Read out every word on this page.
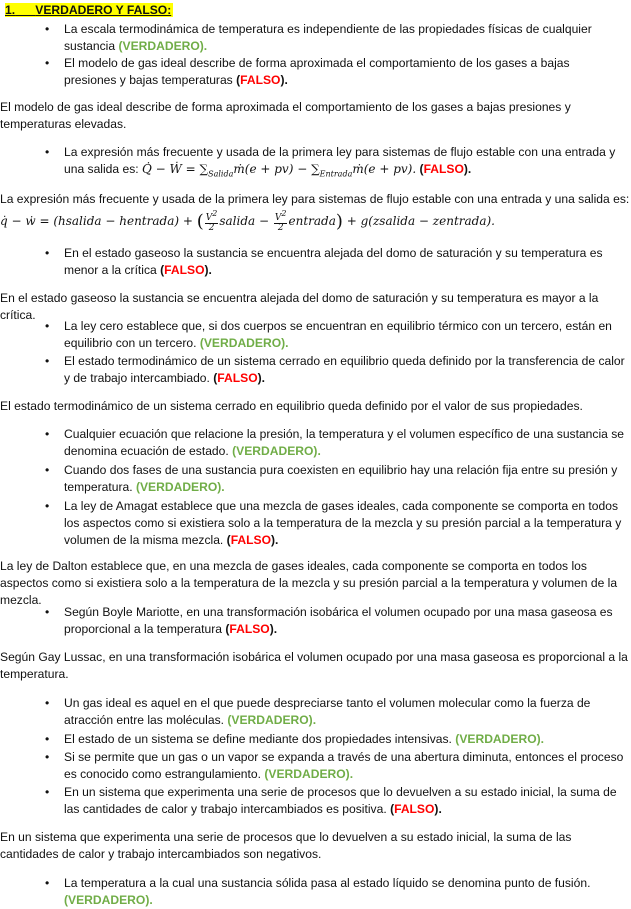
1. VERDADERO Y FALSO:
•	La escala termodinámica de temperatura es independiente de las propiedades físicas de cualquier sustancia (VERDADERO).
•	El modelo de gas ideal describe de forma aproximada el comportamiento de los gases a bajas presiones y bajas temperaturas (FALSO).
El modelo de gas ideal describe de forma aproximada el comportamiento de los gases a bajas presiones y temperaturas elevadas.
•	La expresión más frecuente y usada de la primera ley para sistemas de flujo estable con una entrada y una salida es: Q̇ − Ẇ = $\sum_{Salida}ṁ(e + pv)$ − $\sum_{Entrada}ṁ(e + pv)$. (FALSO).
La expresión más frecuente y usada de la primera ley para sistemas de flujo estable con una entrada y una salida es:
q̇ − ẇ = (hsalida − hentrada) + ( $\frac{V^2}{2}$ salida − $\frac{V^2}{2}$ entrada) + g(zsalida − zentrada).
•	En el estado gaseoso la sustancia se encuentra alejada del domo de saturación y su temperatura es menor a la crítica (FALSO).
En el estado gaseoso la sustancia se encuentra alejada del domo de saturación y su temperatura es mayor a la crítica.
•	La ley cero establece que, si dos cuerpos se encuentran en equilibrio térmico con un tercero, están en equilibrio con un tercero. (VERDADERO).
•	El estado termodinámico de un sistema cerrado en equilibrio queda definido por la transferencia de calor y de trabajo intercambiado. (FALSO).
El estado termodinámico de un sistema cerrado en equilibrio queda definido por el valor de sus propiedades.
•	Cualquier ecuación que relacione la presión, la temperatura y el volumen específico de una sustancia se denomina ecuación de estado. (VERDADERO).
•	Cuando dos fases de una sustancia pura coexisten en equilibrio hay una relación fija entre su presión y temperatura. (VERDADERO).
•	La ley de Amagat establece que una mezcla de gases ideales, cada componente se comporta en todos los aspectos como si existiera solo a la temperatura de la mezcla y su presión parcial a la temperatura y volumen de la misma mezcla. (FALSO).
La ley de Dalton establece que, en una mezcla de gases ideales, cada componente se comporta en todos los aspectos como si existiera solo a la temperatura de la mezcla y su presión parcial a la temperatura y volumen de la mezcla.
•	Según Boyle Mariotte, en una transformación isobárica el volumen ocupado por una masa gaseosa es proporcional a la temperatura (FALSO).
Según Gay Lussac, en una transformación isobárica el volumen ocupado por una masa gaseosa es proporcional a la temperatura.
•	Un gas ideal es aquel en el que puede despreciarse tanto el volumen molecular como la fuerza de atracción entre las moléculas. (VERDADERO).
•	El estado de un sistema se define mediante dos propiedades intensivas. (VERDADERO).
•	Si se permite que un gas o un vapor se expanda a través de una abertura diminuta, entonces el proceso es conocido como estrangulamiento. (VERDADERO).
•	En un sistema que experimenta una serie de procesos que lo devuelven a su estado inicial, la suma de las cantidades de calor y trabajo intercambiados es positiva. (FALSO).
En un sistema que experimenta una serie de procesos que lo devuelven a su estado inicial, la suma de las cantidades de calor y trabajo intercambiados son negativos.
•	La temperatura a la cual una sustancia sólida pasa al estado líquido se denomina punto de fusión. (VERDADERO).
